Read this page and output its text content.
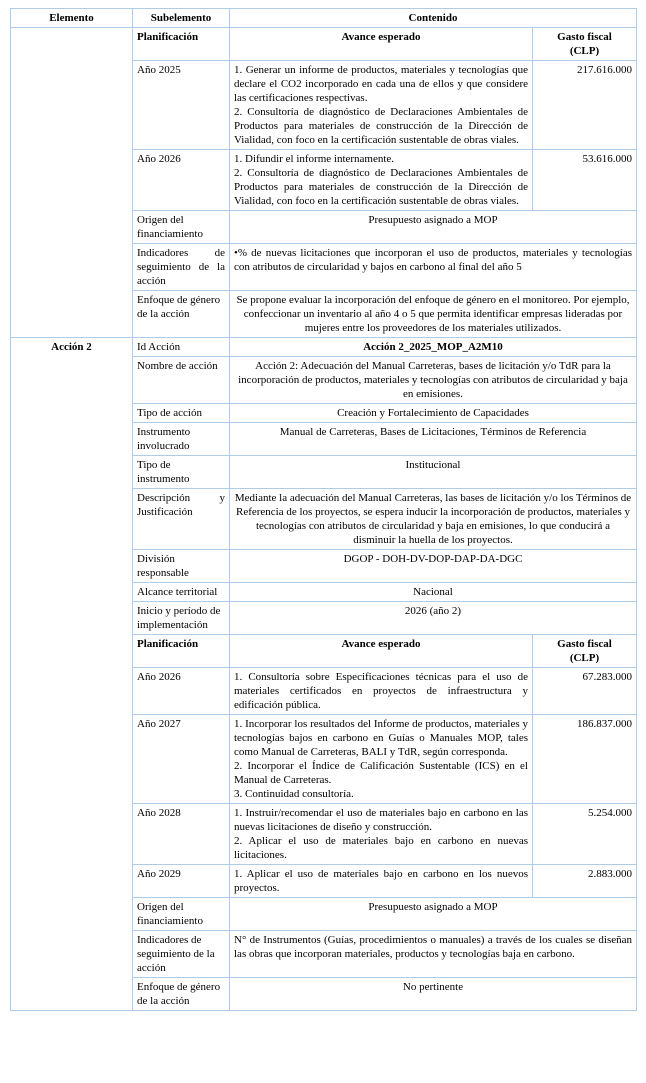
Elemento	Subelemento	Contenido	
	Planificación	Avance esperado	Gasto fiscal
(CLP)

	Año 2025	1. Generar un informe de productos, materiales y tecnologías que declare el CO2 incorporado en cada una de ellos y que considere las certificaciones respectivas.
2. Consultoría de diagnóstico de Declaraciones Ambientales de Productos para materiales de construcción de la Dirección de Vialidad, con foco en la certificación sustentable de obras viales.	217.616.000
	Año 2026	1. Difundir el informe internamente.
2. Consultoría de diagnóstico de Declaraciones Ambientales de Productos para materiales de construcción de la Dirección de Vialidad, con foco en la certificación sustentable de obras viales.	53.616.000
	Origen del financiamiento	Presupuesto asignado a MOP	
	Indicadores de seguimiento de la acción	•% de nuevas licitaciones que incorporan el uso de productos, materiales y tecnologías con atributos de circularidad y bajos en carbono al final del año 5	
	Enfoque de género de la acción	Se propone evaluar la incorporación del enfoque de género en el monitoreo. Por ejemplo, confeccionar un inventario al año 4 o 5 que permita identificar empresas lideradas por mujeres entre los proveedores de los materiales utilizados.	
Acción 2	Id Acción	Acción 2_2025_MOP_A2M10	
	Nombre de acción	Acción 2: Adecuación del Manual Carreteras, bases de licitación y/o TdR para la incorporación de productos, materiales y tecnologías con atributos de circularidad y baja en emisiones.	
	Tipo de acción	Creación y Fortalecimiento de Capacidades	
	Instrumento involucrado	Manual de Carreteras, Bases de Licitaciones, Términos de Referencia	
	Tipo de instrumento	Institucional	
	Descripción y Justificación	Mediante la adecuación del Manual Carreteras, las bases de licitación y/o los Términos de Referencia de los proyectos, se espera inducir la incorporación de productos, materiales y tecnologías con atributos de circularidad y baja en emisiones, lo que conducirá a disminuir la huella de los proyectos.	
	División responsable	DGOP - DOH-DV-DOP-DAP-DA-DGC	
	Alcance territorial	Nacional	
	Inicio y período de implementación	2026 (año 2)	
	Planificación	Avance esperado	Gasto fiscal
(CLP)

	Año 2026	1. Consultoría sobre Especificaciones técnicas para el uso de materiales certificados en proyectos de infraestructura y edificación pública.	67.283.000
	Año 2027	1. Incorporar los resultados del Informe de productos, materiales y tecnologías bajos en carbono en Guías o Manuales MOP, tales como Manual de Carreteras, BALI y TdR, según corresponda.
2. Incorporar el Índice de Calificación Sustentable (ICS) en el Manual de Carreteras.
3. Continuidad consultoría.	186.837.000
	Año 2028	1. Instruir/recomendar el uso de materiales bajo en carbono en las nuevas licitaciones de diseño y construcción.
2. Aplicar el uso de materiales bajo en carbono en nuevas licitaciones.	5.254.000
	Año 2029	1. Aplicar el uso de materiales bajo en carbono en los nuevos proyectos.	2.883.000
	Origen del financiamiento	Presupuesto asignado a MOP	
	Indicadores de seguimiento de la acción	N° de Instrumentos (Guías, procedimientos o manuales) a través de los cuales se diseñan las obras que incorporan materiales, productos y tecnologías baja en carbono.	
	Enfoque de género de la acción	No pertinente	
